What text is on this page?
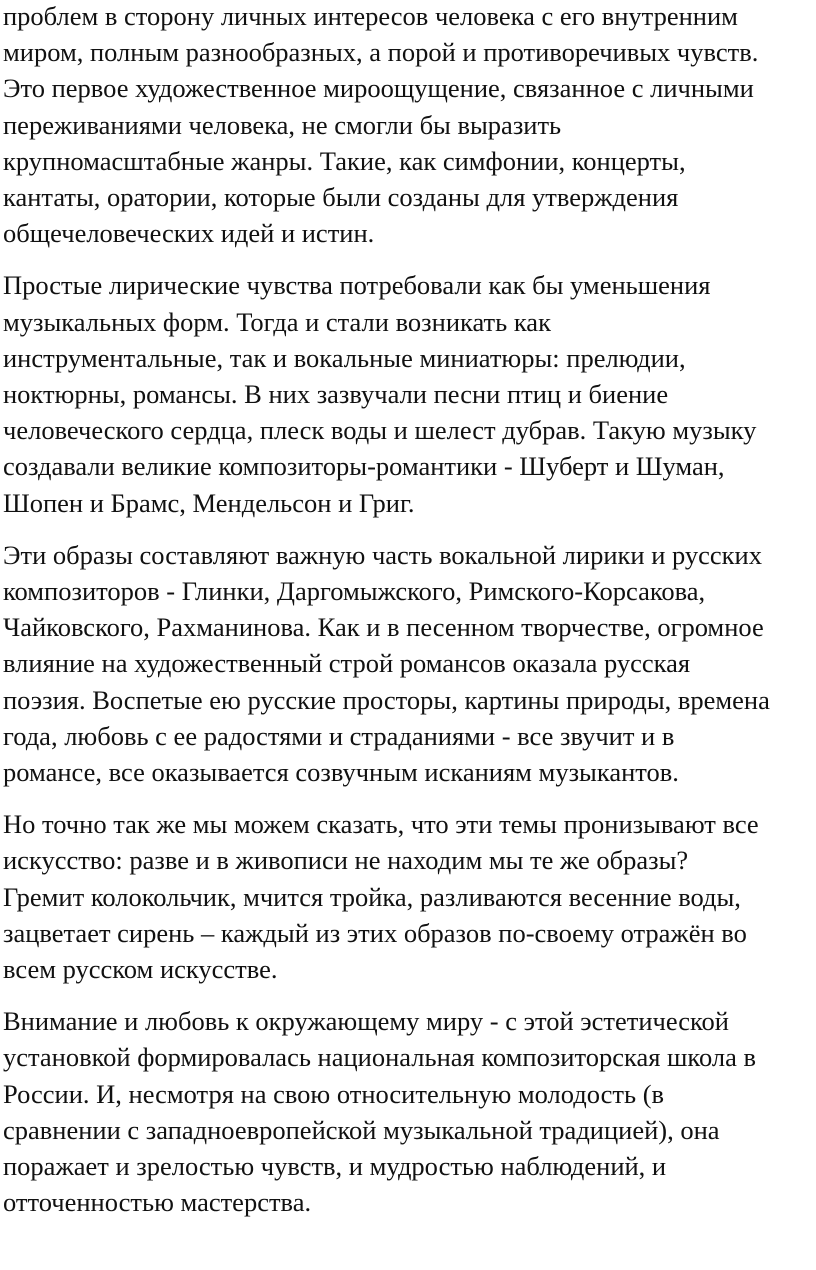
проблем в сторону личных интересов человека с его внутренним
миром, полным разнообразных, а порой и противоречивых чувств.
Это первое художественное мироощущение, связанное с личными
переживаниями человека, не смогли бы выразить
крупномасштабные жанры. Такие, как симфонии, концерты,
кантаты, оратории, которые были созданы для утверждения
общечеловеческих идей и истин.
Простые лирические чувства потребовали как бы уменьшения
музыкальных форм. Тогда и стали возникать как
инструментальные, так и вокальные миниатюры: прелюдии,
ноктюрны, романсы. В них зазвучали песни птиц и биение
человеческого сердца, плеск воды и шелест дубрав. Такую музыку
создавали великие композиторы-романтики - Шуберт и Шуман,
Шопен и Брамс, Мендельсон и Григ.
Эти образы составляют важную часть вокальной лирики и русских
композиторов - Глинки, Даргомыжского, Римского-Корсакова,
Чайковского, Рахманинова. Как и в песенном творчестве, огромное
влияние на художественный строй романсов оказала русская
поэзия. Воспетые ею русские просторы, картины природы, времена
года, любовь с ее радостями и страданиями - все звучит и в
романсе, все оказывается созвучным исканиям музыкантов.
Но точно так же мы можем сказать, что эти темы пронизывают все
искусство: разве и в живописи не находим мы те же образы?
Гремит колокольчик, мчится тройка, разливаются весенние воды,
зацветает сирень – каждый из этих образов по-своему отражён во
всем русском искусстве.
Внимание и любовь к окружающему миру - с этой эстетической
установкой формировалась национальная композиторская школа в
России. И, несмотря на свою относительную молодость (в
сравнении с западноевропейской музыкальной традицией), она
поражает и зрелостью чувств, и мудростью наблюдений, и
отточенностью мастерства.
